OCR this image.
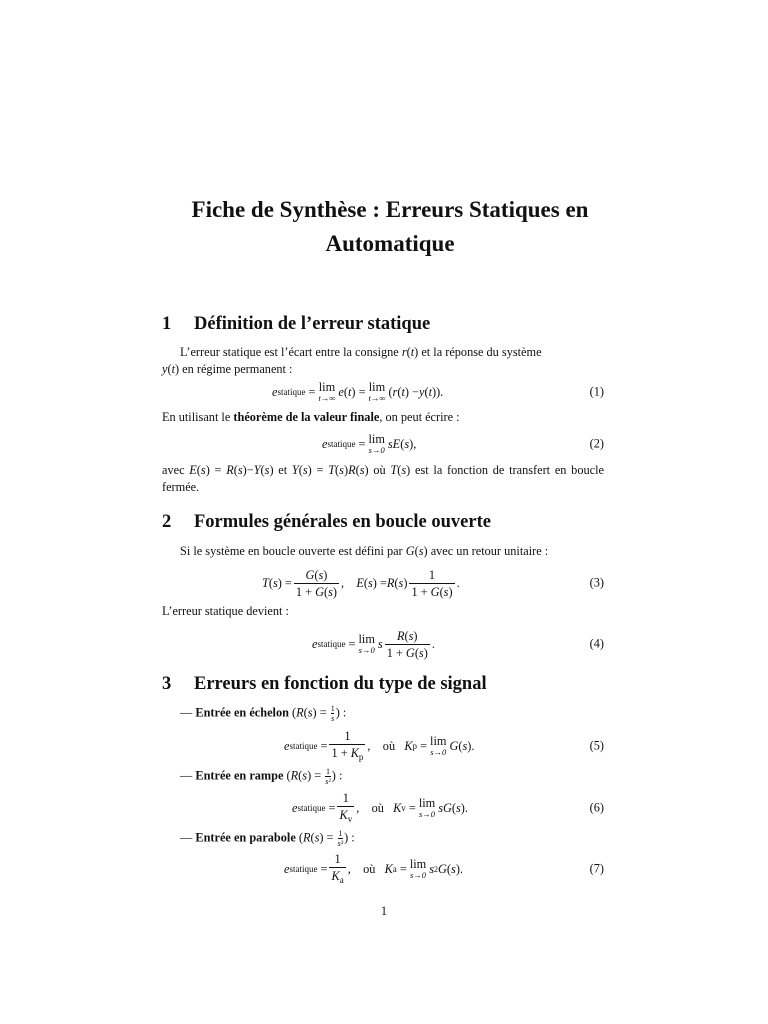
Fiche de Synthèse : Erreurs Statiques en Automatique
1 Définition de l’erreur statique
L’erreur statique est l’écart entre la consigne r(t) et la réponse du système
y(t) en régime permanent :
e statique = lim
t→∞ e ( t ) = lim
t→∞ ( r ( t ) − y ( t )).	(1)
En utilisant le théorème de la valeur finale, on peut écrire :
e statique = lim
s→0 sE ( s ),	(2)
avec E(s) = R(s)−Y(s) et Y(s) = T(s)R(s) où T(s) est la fonction de transfert en boucle fermée.
2 Formules générales en boucle ouverte
Si le système en boucle ouverte est défini par G(s) avec un retour unitaire :
T ( s ) = $\frac{G(s)}{1 + G(s)}$ , E ( s ) = R ( s ) $\frac{1}{1 + G(s)}$ .	(3)
L’erreur statique devient :
e statique = lim
s→0 s $\frac{R(s)}{1 + G(s)}$ .	(4)
3 Erreurs en fonction du type de signal
— Entrée en échelon ($R(s) = \frac{1}{s}$ ) :
e statique = $\frac{1}{1 + K_p}$ , où
K p = lim
s→0 G ( s ).	(5)
— Entrée en rampe ($R(s) = \frac{1}{\text{s²}}$ ) :
e statique = $\frac{1}{K_v}$ , où
K v = lim
s→0 sG ( s ).	(6)
— Entrée en parabole ($R(s) = \frac{1}{\text{s³}}$ ) :
e statique = $\frac{1}{K_a}$ , où
K a = lim
s→0 s 2 G ( s ).	(7)
1
